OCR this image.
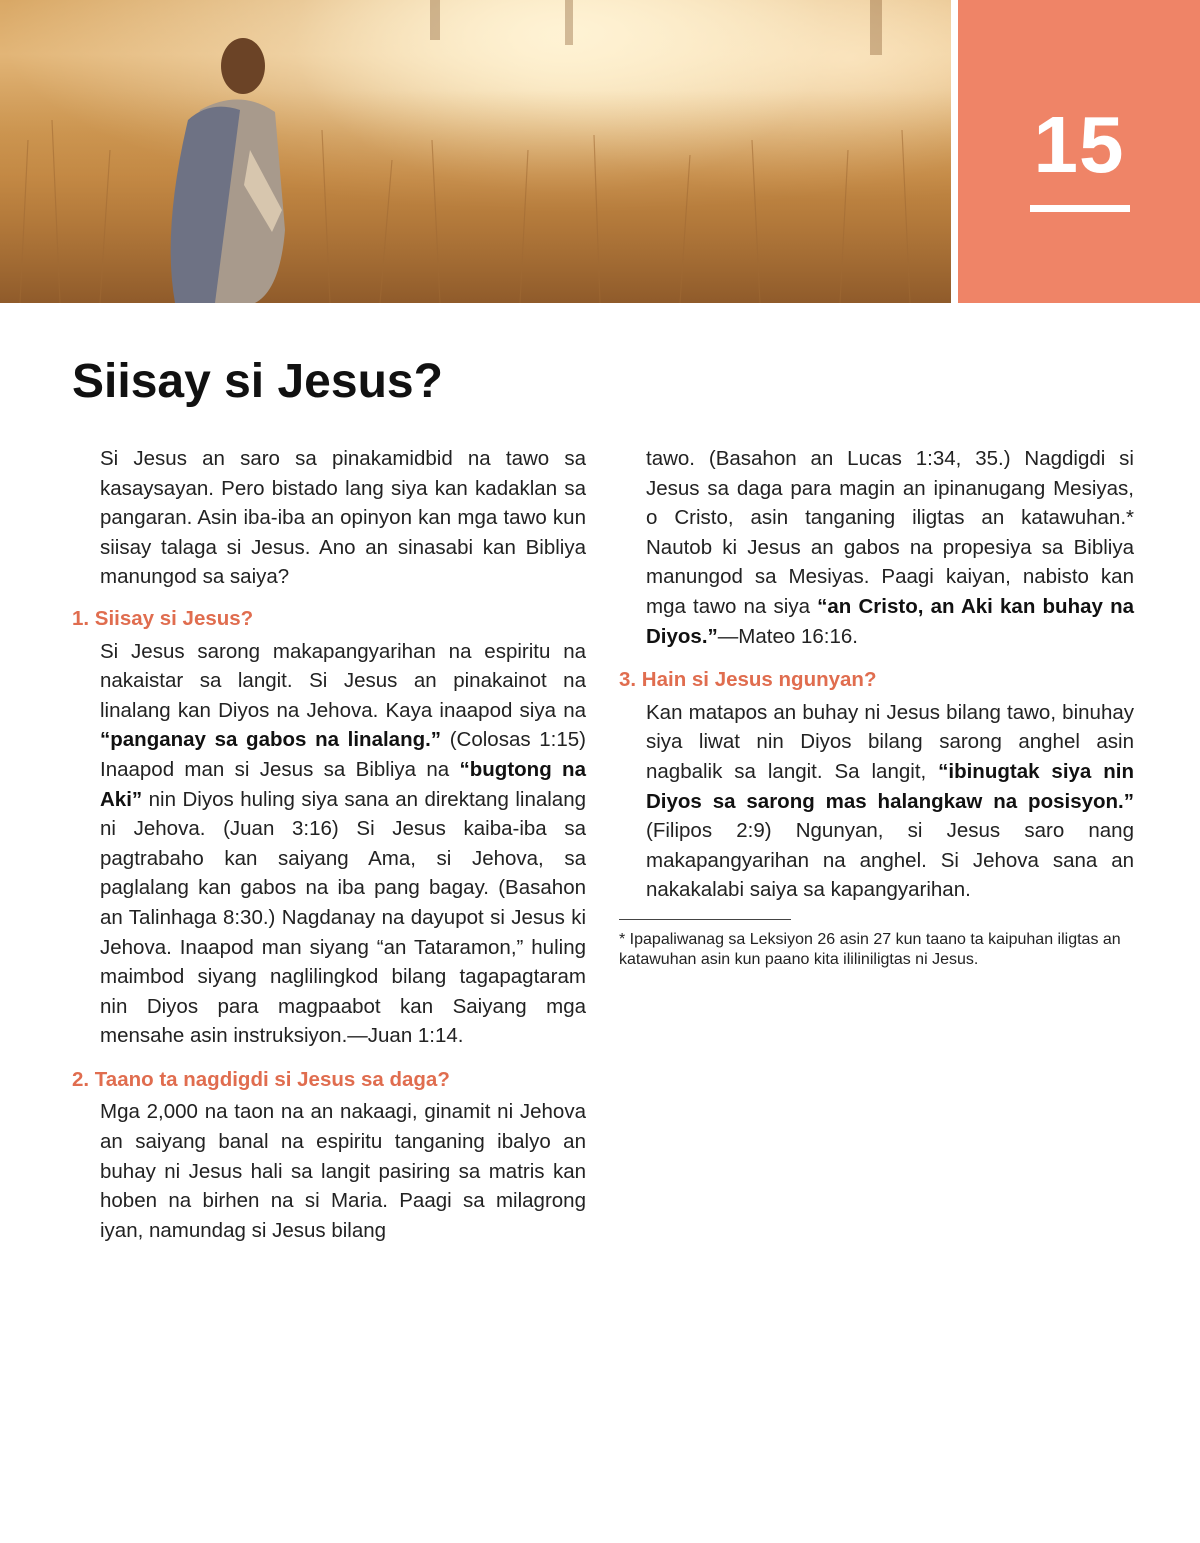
15
Siisay si Jesus?

Si Jesus an saro sa pinakamidbid na tawo sa kasaysayan. Pero bistado lang siya kan kadaklan sa pangaran. Asin iba-iba an opinyon kan mga tawo kun siisay talaga si Jesus. Ano an sinasabi kan Bibliya manungod sa saiya?

1. Siisay si Jesus?

Si Jesus sarong makapangyarihan na espiritu na nakaistar sa langit. Si Jesus an pinakainot na linalang kan Diyos na Jehova. Kaya inaapod siya na “panganay sa gabos na linalang.” (Colosas 1:15) Inaapod man si Jesus sa Bibliya na “bugtong na Aki” nin Diyos huling siya sana an direktang linalang ni Jehova. (Juan 3:16) Si Jesus kaiba-iba sa pagtrabaho kan saiyang Ama, si Jehova, sa paglalang kan gabos na iba pang bagay. (Basahon an Talinhaga 8:30.) Nagdanay na dayupot si Jesus ki Jehova. Inaapod man siyang “an Tataramon,” huling maimbod siyang naglilingkod bilang tagapagtaram nin Diyos para magpaabot kan Saiyang mga mensahe asin instruksiyon.—Juan 1:14.

2. Taano ta nagdigdi si Jesus sa daga?

Mga 2,000 na taon na an nakaagi, ginamit ni Jehova an saiyang banal na espiritu tanganing ibalyo an buhay ni Jesus hali sa langit pasiring sa matris kan hoben na birhen na si Maria. Paagi sa milagrong iyan, namundag si Jesus bilang

tawo. (Basahon an Lucas 1:34, 35.) Nagdigdi si Jesus sa daga para magin an ipinanugang Mesiyas, o Cristo, asin tanganing iligtas an katawuhan.* Nautob ki Jesus an gabos na propesiya sa Bibliya manungod sa Mesiyas. Paagi kaiyan, nabisto kan mga tawo na siya “an Cristo, an Aki kan buhay na Diyos.”—Mateo 16:16.

3. Hain si Jesus ngunyan?

Kan matapos an buhay ni Jesus bilang tawo, binuhay siya liwat nin Diyos bilang sarong anghel asin nagbalik sa langit. Sa langit, “ibinugtak siya nin Diyos sa sarong mas halangkaw na posisyon.” (Filipos 2:9) Ngunyan, si Jesus saro nang makapangyarihan na anghel. Si Jehova sana an nakakalabi saiya sa kapangyarihan.

* Ipapaliwanag sa Leksiyon 26 asin 27 kun taano ta kaipuhan iligtas an katawuhan asin kun paano kita ililiniligtas ni Jesus.
